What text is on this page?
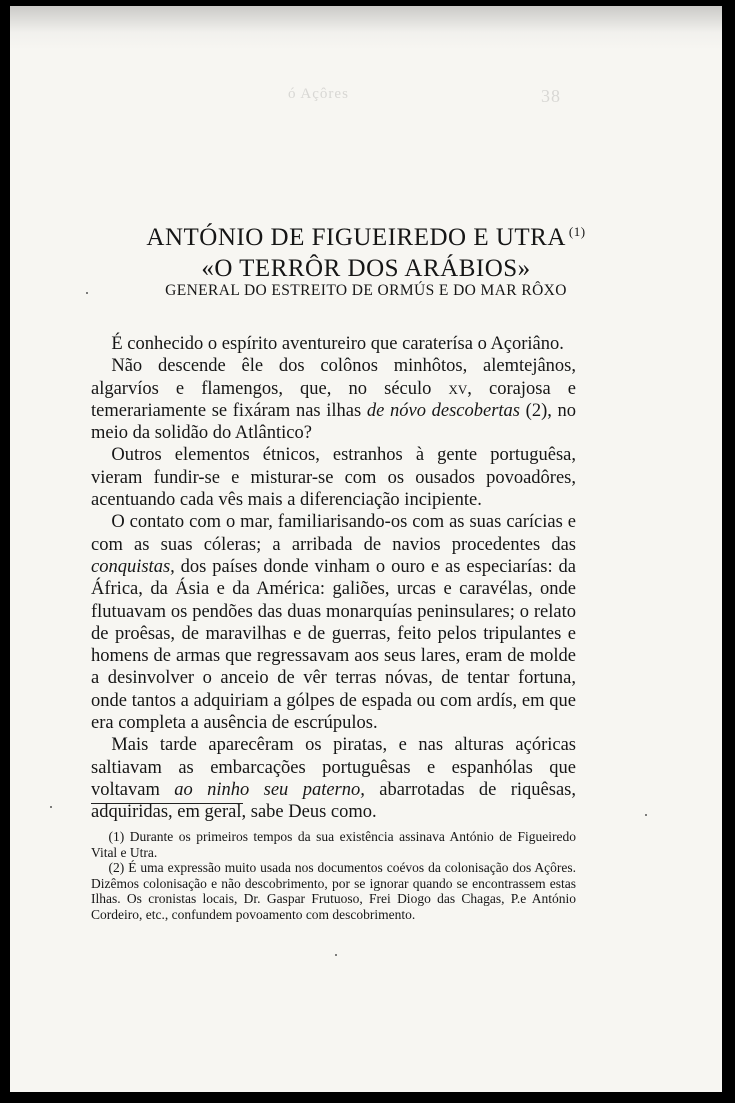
ó Açôres	38
ANTÓNIO DE FIGUEIREDO E UTRA $^{(1)}$
«O TERRÔR DOS ARÁBIOS»
GENERAL DO ESTREITO DE ORMÚS E DO MAR RÔXO

É conhecido o espírito aventureiro que caraterísa o Açoriâno.

Não descende êle dos colônos minhôtos, alemtejânos, algarvíos e flamengos, que, no século xv, corajosa e temerariamente se fixáram nas ilhas de nóvo descobertas (2), no meio da solidão do Atlântico?

Outros elementos étnicos, estranhos à gente portuguêsa, vieram fundir-se e misturar-se com os ousados povoadôres, acentuando cada vês mais a diferenciação incipiente.

O contato com o mar, familiarisando-os com as suas carícias e com as suas cóleras; a arribada de navios procedentes das conquistas, dos países donde vinham o ouro e as especiarías: da África, da Ásia e da América: galiões, urcas e caravélas, onde flutuavam os pendões das duas monarquías peninsulares; o relato de proêsas, de maravilhas e de guerras, feito pelos tripulantes e homens de armas que regressavam aos seus lares, eram de molde a desinvolver o anceio de vêr terras nóvas, de tentar fortuna, onde tantos a adquiriam a gólpes de espada ou com ardís, em que era completa a ausência de escrúpulos.

Mais tarde aparecêram os piratas, e nas alturas açóricas saltiavam as embarcações portuguêsas e espanhólas que voltavam ao ninho seu paterno, abarrotadas de riquêsas, adquiridas, em geral, sabe Deus como.

(1) Durante os primeiros tempos da sua existência assinava António de Figueiredo Vital e Utra.

(2) É uma expressão muito usada nos documentos coévos da colonisação dos Açôres. Dizêmos colonisação e não descobrimento, por se ignorar quando se encontrassem estas Ilhas. Os cronistas locais, Dr. Gaspar Frutuoso, Frei Diogo das Chagas, P.e António Cordeiro, etc., confundem povoamento com descobrimento.
